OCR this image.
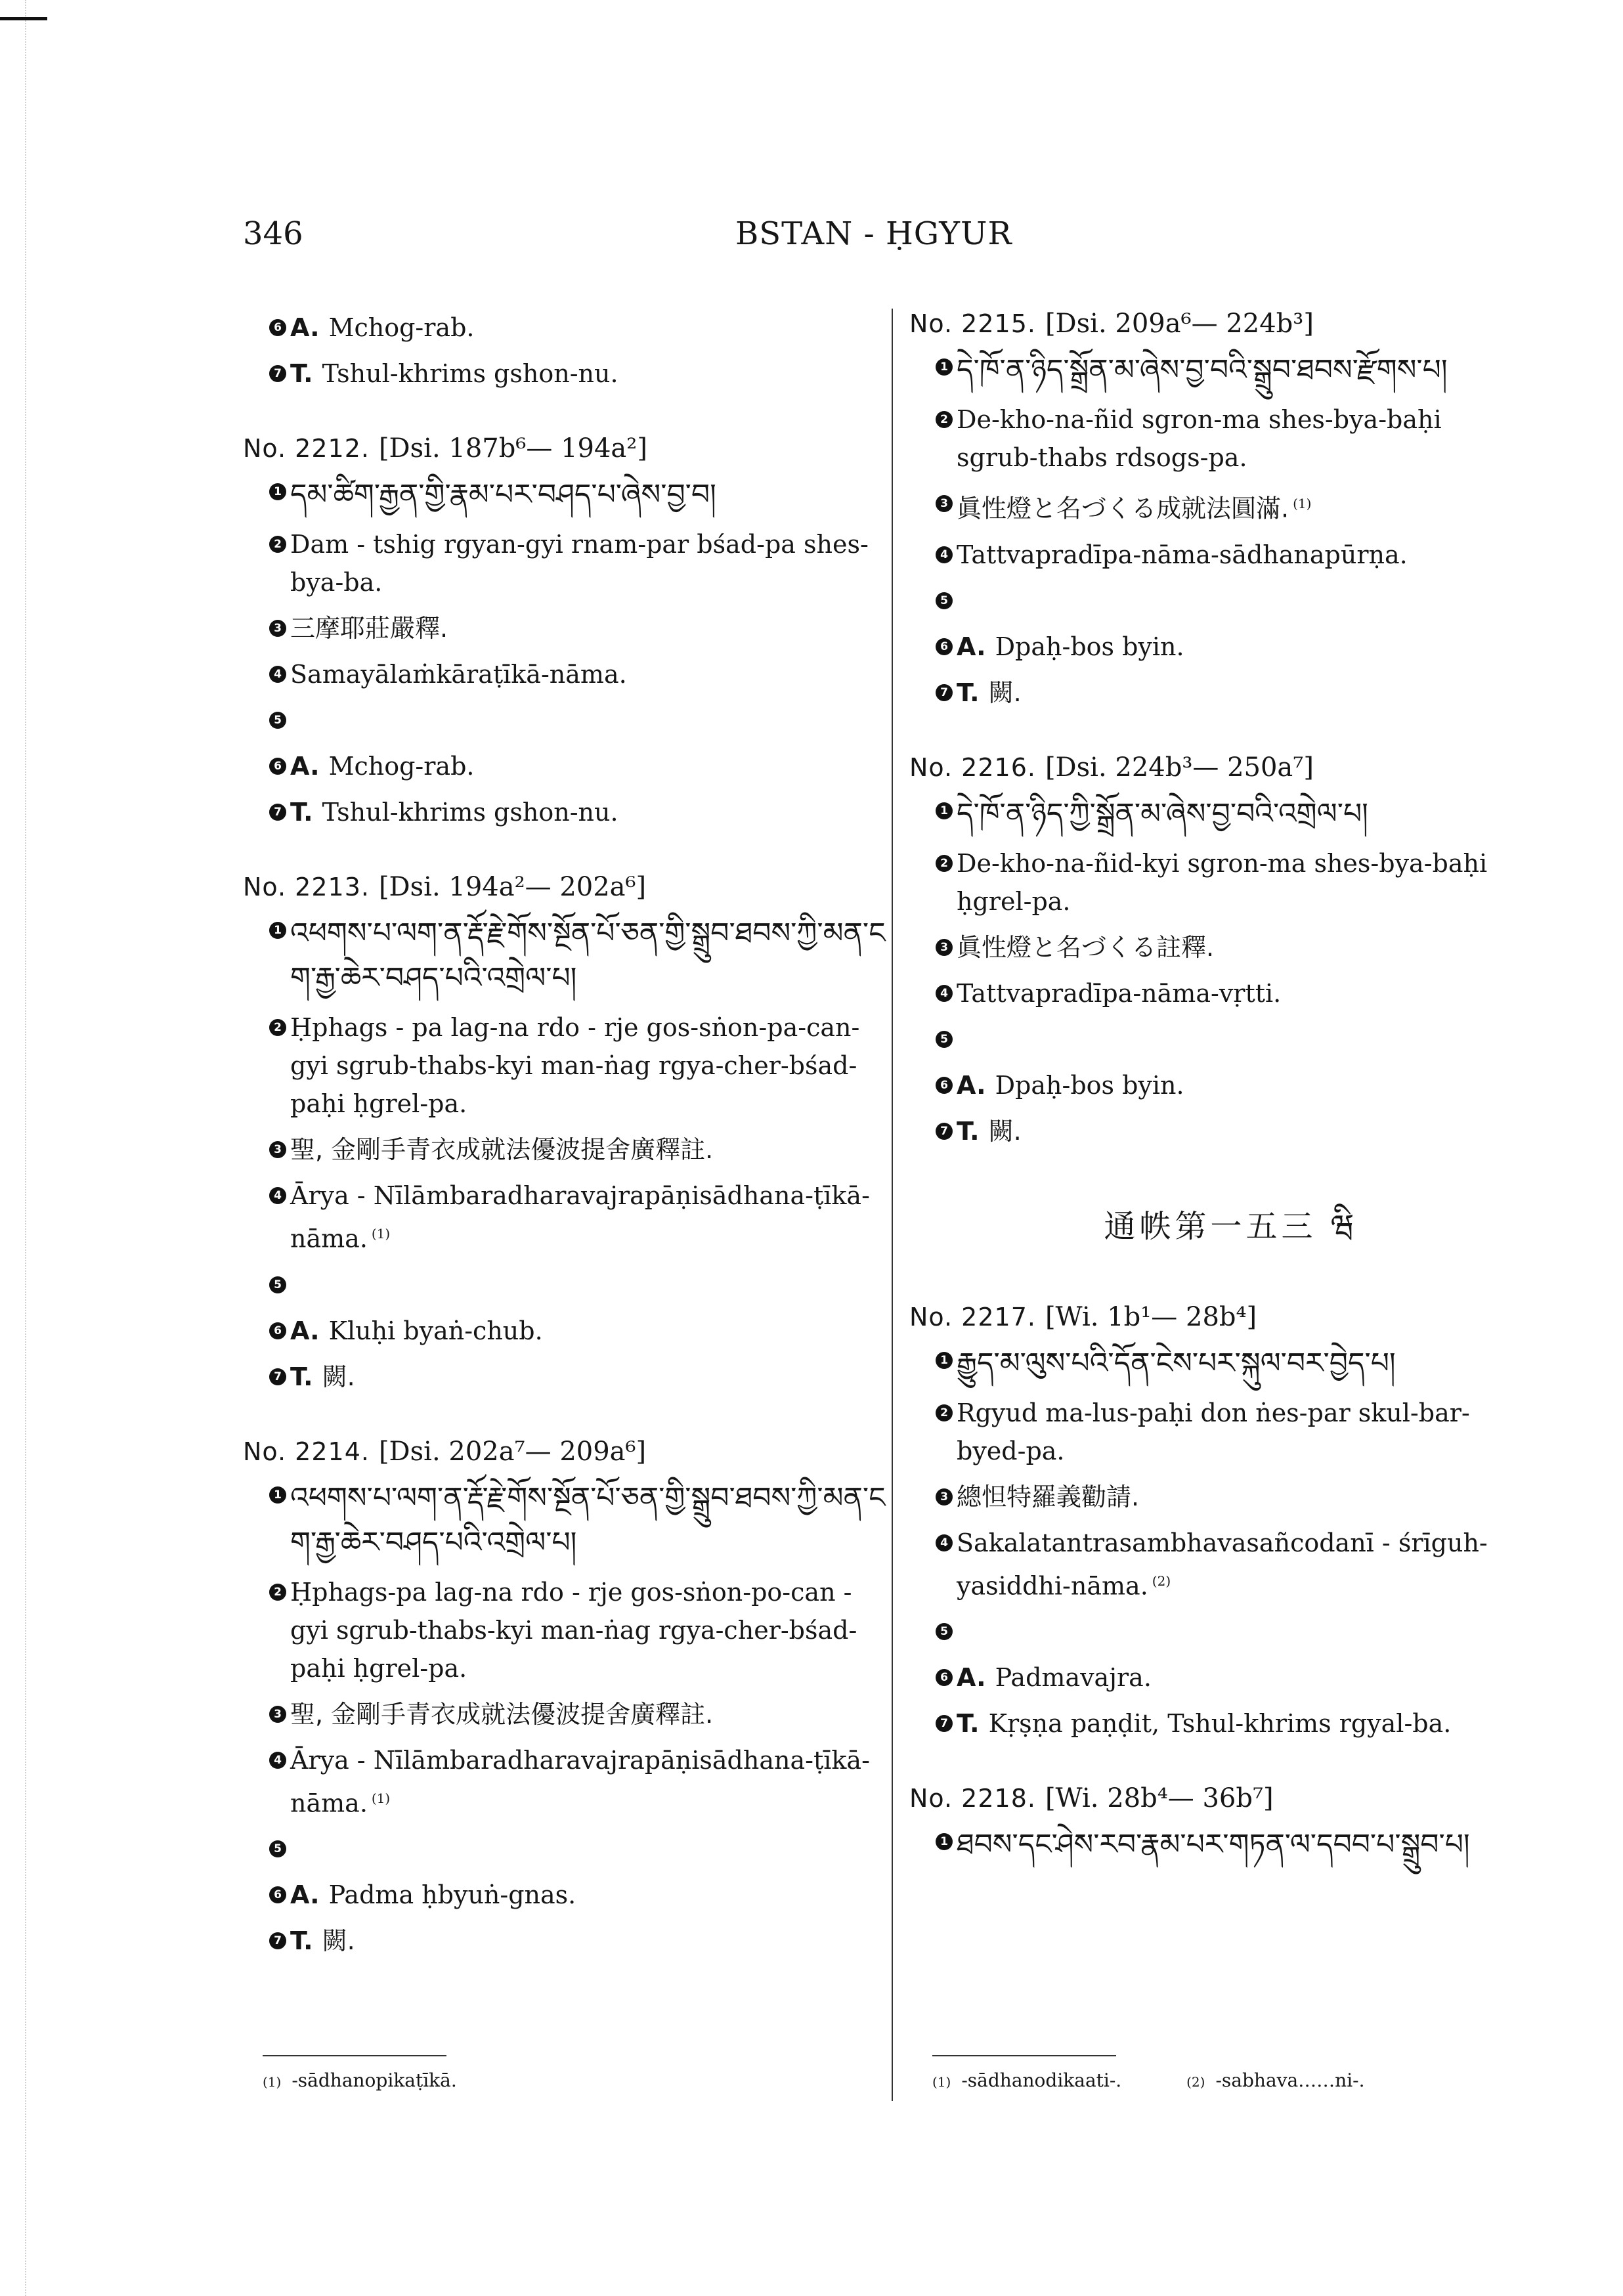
346	BSTAN - ḤGYUR
6 A. Mchog-rab.
7 T. Tshul-khrims gshon-nu.
No. 2212. [Dsi. 187b⁶— 194a²]
1 དམ་ཚིག་རྒྱན་གྱི་རྣམ་པར་བཤད་པ་ཞེས་བྱ་བ།
2 Dam - tshig rgyan-gyi rnam-par bśad-pa shes-bya-ba.
3 三摩耶莊嚴釋.
4 Samayālaṁkāraṭīkā-nāma.
5
6 A. Mchog-rab.
7 T. Tshul-khrims gshon-nu.
No. 2213. [Dsi. 194a²— 202a⁶]
1 འཕགས་པ་ལག་ན་རྡོ་རྗེ་གོས་སྔོན་པོ་ཅན་གྱི་སྒྲུབ་ཐབས་ཀྱི་མན་ངག་རྒྱ་ཆེར་བཤད་པའི་འགྲེལ་པ།
2 Ḥphags - pa lag-na rdo - rje gos-sṅon-pa-can-gyi sgrub-thabs-kyi man-ṅag rgya-cher-bśad-paḥi ḥgrel-pa.
3 聖, 金剛手青衣成就法優波提舍廣釋註.
4 Ārya - Nīlāmbaradharavajrapāṇisādhana-ṭīkā-nāma. $^{(1)}$
5
6 A. Kluḥi byaṅ-chub.
7 T. 闕.
No. 2214. [Dsi. 202a⁷— 209a⁶]
1 འཕགས་པ་ལག་ན་རྡོ་རྗེ་གོས་སྔོན་པོ་ཅན་གྱི་སྒྲུབ་ཐབས་ཀྱི་མན་ངག་རྒྱ་ཆེར་བཤད་པའི་འགྲེལ་པ།
2 Ḥphags-pa lag-na rdo - rje gos-sṅon-po-can - gyi sgrub-thabs-kyi man-ṅag rgya-cher-bśad-paḥi ḥgrel-pa.
3 聖, 金剛手青衣成就法優波提舍廣釋註.
4 Ārya - Nīlāmbaradharavajrapāṇisādhana-ṭīkā-nāma. $^{(1)}$
5
6 A. Padma ḥbyuṅ-gnas.
7 T. 闕.
No. 2215. [Dsi. 209a⁶— 224b³]
1 དེ་ཁོ་ན་ཉིད་སྒྲོན་མ་ཞེས་བྱ་བའི་སྒྲུབ་ཐབས་རྫོགས་པ།
2 De-kho-na-ñid sgron-ma shes-bya-baḥi sgrub-thabs rdsogs-pa.
3 眞性燈と名づくる成就法圓滿. $^{(1)}$
4 Tattvapradīpa-nāma-sādhanapūrṇa.
5
6 A. Dpaḥ-bos byin.
7 T. 闕.
No. 2216. [Dsi. 224b³— 250a⁷]
1 དེ་ཁོ་ན་ཉིད་ཀྱི་སྒྲོན་མ་ཞེས་བྱ་བའི་འགྲེལ་པ།
2 De-kho-na-ñid-kyi sgron-ma shes-bya-baḥi ḥgrel-pa.
3 眞性燈と名づくる註釋.
4 Tattvapradīpa-nāma-vṛtti.
5
6 A. Dpaḥ-bos byin.
7 T. 闕.
通帙第一五三 ཝི
No. 2217. [Wi. 1b¹— 28b⁴]
1 རྒྱུད་མ་ལུས་པའི་དོན་ངེས་པར་སྐུལ་བར་བྱེད་པ།
2 Rgyud ma-lus-paḥi don ṅes-par skul-bar-byed-pa.
3 總怛特羅義勸請.
4 Sakalatantrasambhavasañcodanī - śrīguh-yasiddhi-nāma. $^{(2)}$
5
6 A. Padmavajra.
7 T. Kṛṣṇa paṇḍit, Tshul-khrims rgyal-ba.
No. 2218. [Wi. 28b⁴— 36b⁷]
1 ཐབས་དང་ཤེས་རབ་རྣམ་པར་གཏན་ལ་དབབ་པ་སྒྲུབ་པ།
(1) -sādhanopikaṭīkā.	(1) -sādhanodikaati-.	(2) -sabhava……ni-.
